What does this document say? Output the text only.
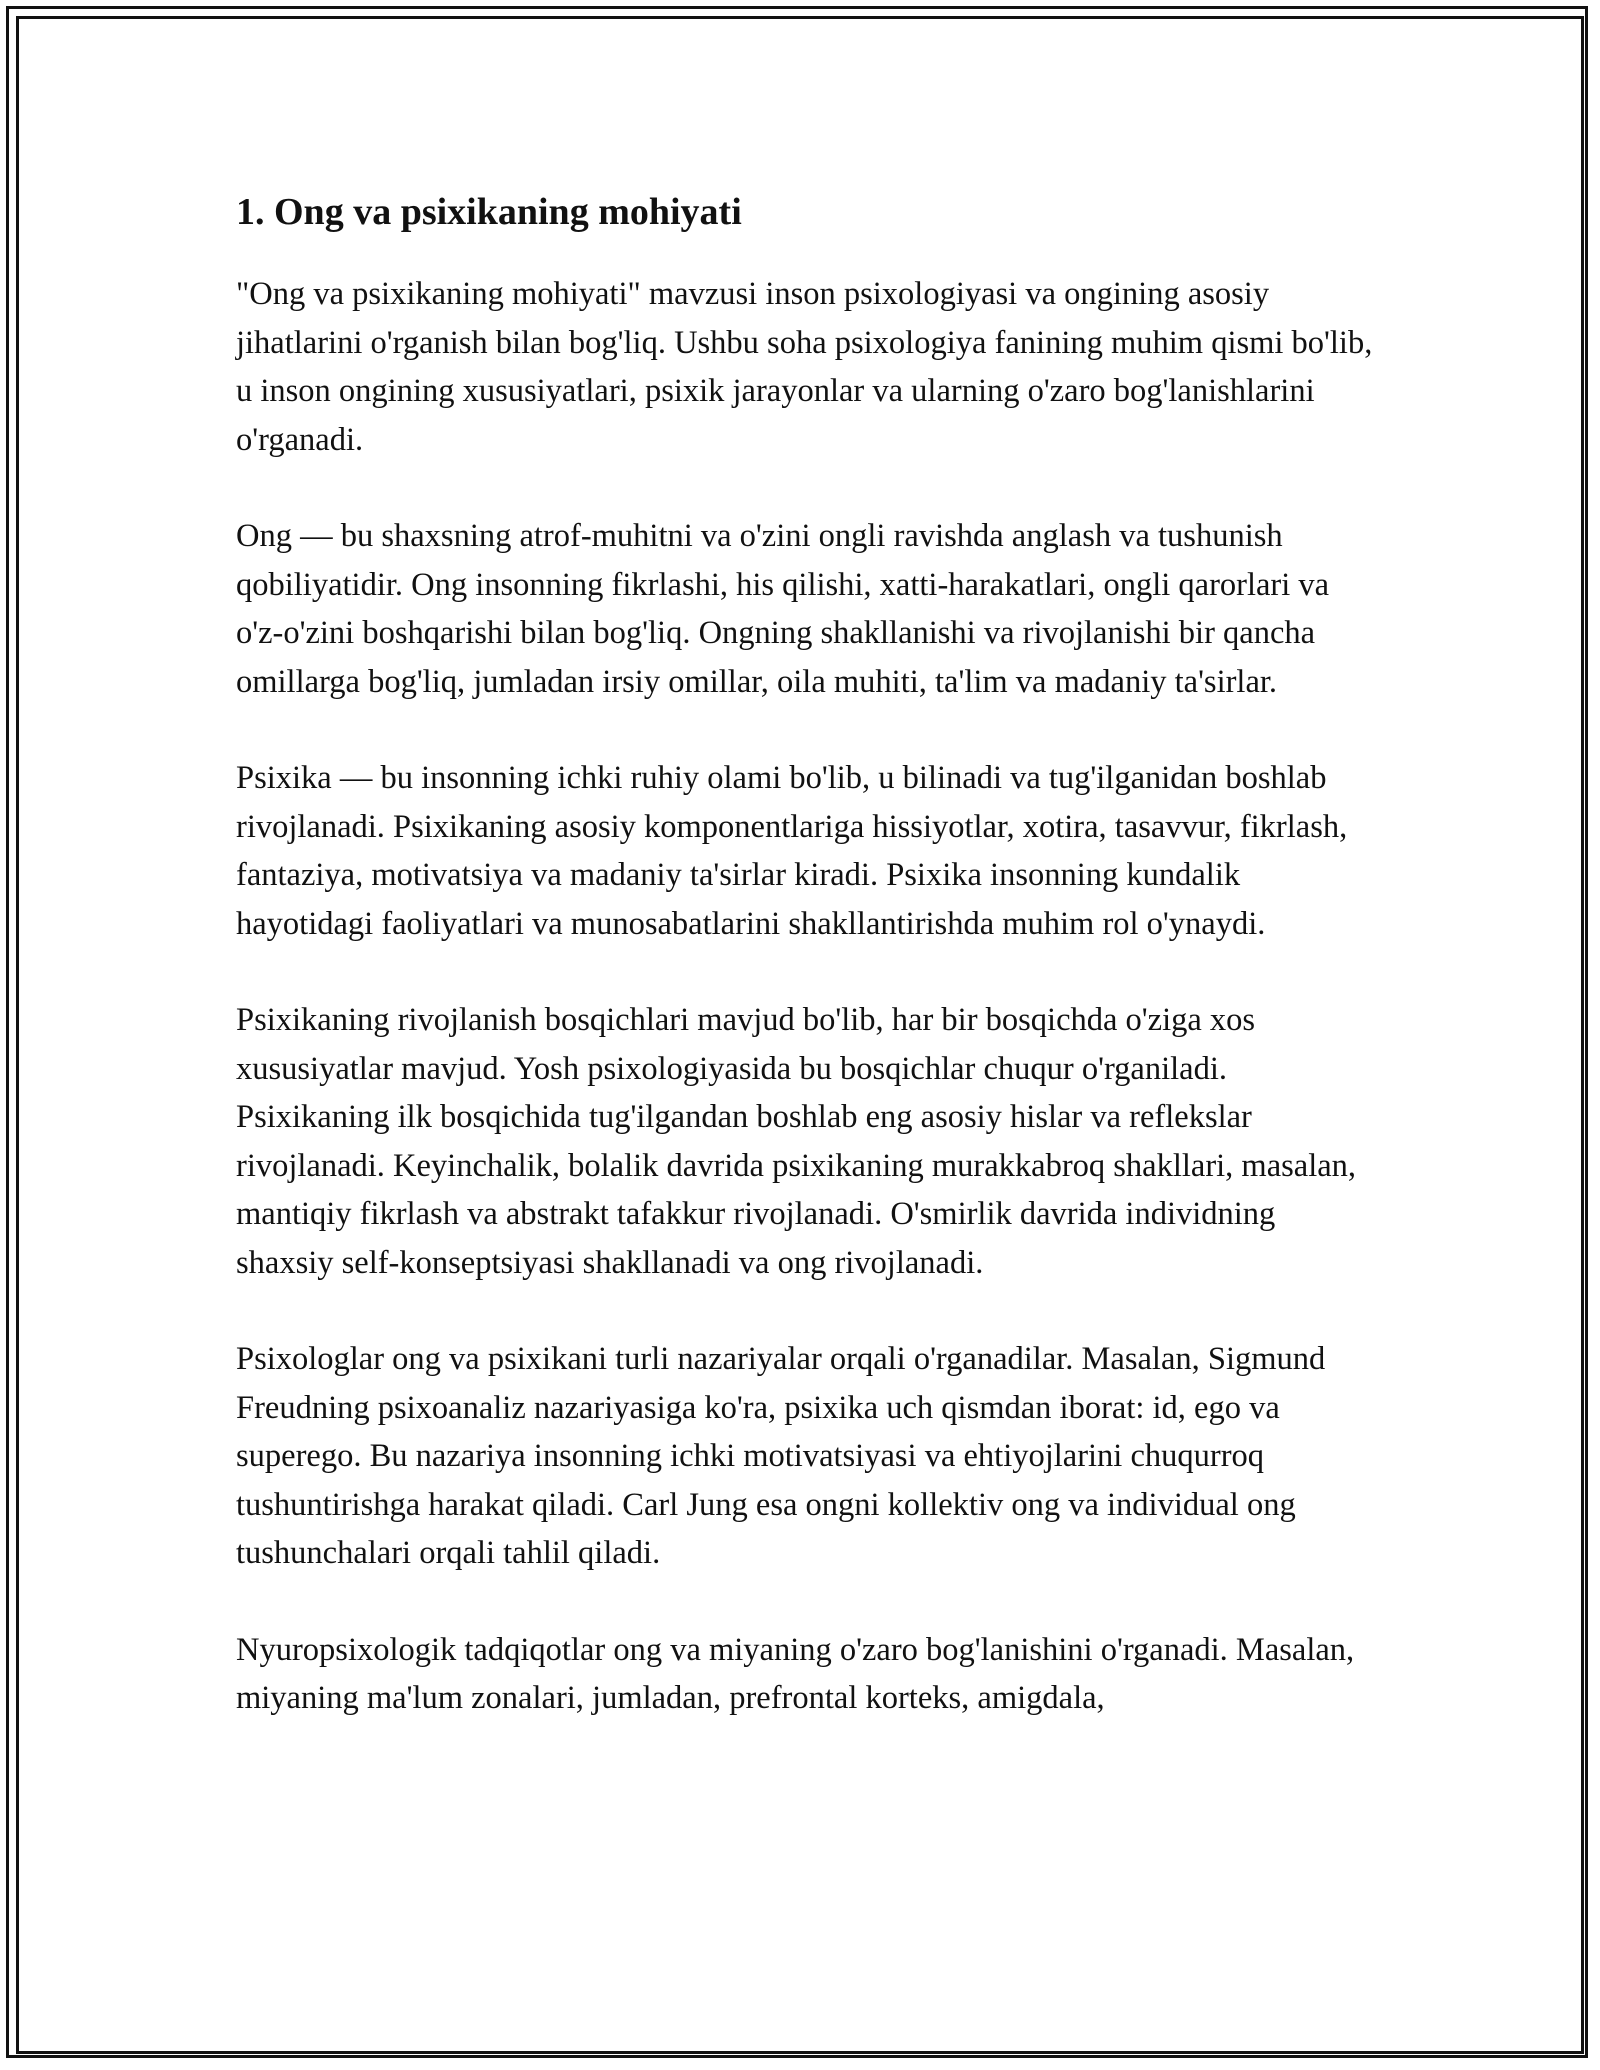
1. Ong va psixikaning mohiyati

"Ong va psixikaning mohiyati" mavzusi inson psixologiyasi va ongining asosiy jihatlarini o'rganish bilan bog'liq. Ushbu soha psixologiya fanining muhim qismi bo'lib, u inson ongining xususiyatlari, psixik jarayonlar va ularning o'zaro bog'lanishlarini o'rganadi.

Ong — bu shaxsning atrof-muhitni va o'zini ongli ravishda anglash va tushunish qobiliyatidir. Ong insonning fikrlashi, his qilishi, xatti-harakatlari, ongli qarorlari va o'z-o'zini boshqarishi bilan bog'liq. Ongning shakllanishi va rivojlanishi bir qancha omillarga bog'liq, jumladan irsiy omillar, oila muhiti, ta'lim va madaniy ta'sirlar.

Psixika — bu insonning ichki ruhiy olami bo'lib, u bilinadi va tug'ilganidan boshlab rivojlanadi. Psixikaning asosiy komponentlariga hissiyotlar, xotira, tasavvur, fikrlash, fantaziya, motivatsiya va madaniy ta'sirlar kiradi. Psixika insonning kundalik hayotidagi faoliyatlari va munosabatlarini shakllantirishda muhim rol o'ynaydi.

Psixikaning rivojlanish bosqichlari mavjud bo'lib, har bir bosqichda o'ziga xos xususiyatlar mavjud. Yosh psixologiyasida bu bosqichlar chuqur o'rganiladi. Psixikaning ilk bosqichida tug'ilgandan boshlab eng asosiy hislar va reflekslar rivojlanadi. Keyinchalik, bolalik davrida psixikaning murakkabroq shakllari, masalan, mantiqiy fikrlash va abstrakt tafakkur rivojlanadi. O'smirlik davrida individning shaxsiy self-konseptsiyasi shakllanadi va ong rivojlanadi.

Psixologlar ong va psixikani turli nazariyalar orqali o'rganadilar. Masalan, Sigmund Freudning psixoanaliz nazariyasiga ko'ra, psixika uch qismdan iborat: id, ego va superego. Bu nazariya insonning ichki motivatsiyasi va ehtiyojlarini chuqurroq tushuntirishga harakat qiladi. Carl Jung esa ongni kollektiv ong va individual ong tushunchalari orqali tahlil qiladi.

Nyuropsixologik tadqiqotlar ong va miyaning o'zaro bog'lanishini o'rganadi. Masalan, miyaning ma'lum zonalari, jumladan, prefrontal korteks, amigdala,
